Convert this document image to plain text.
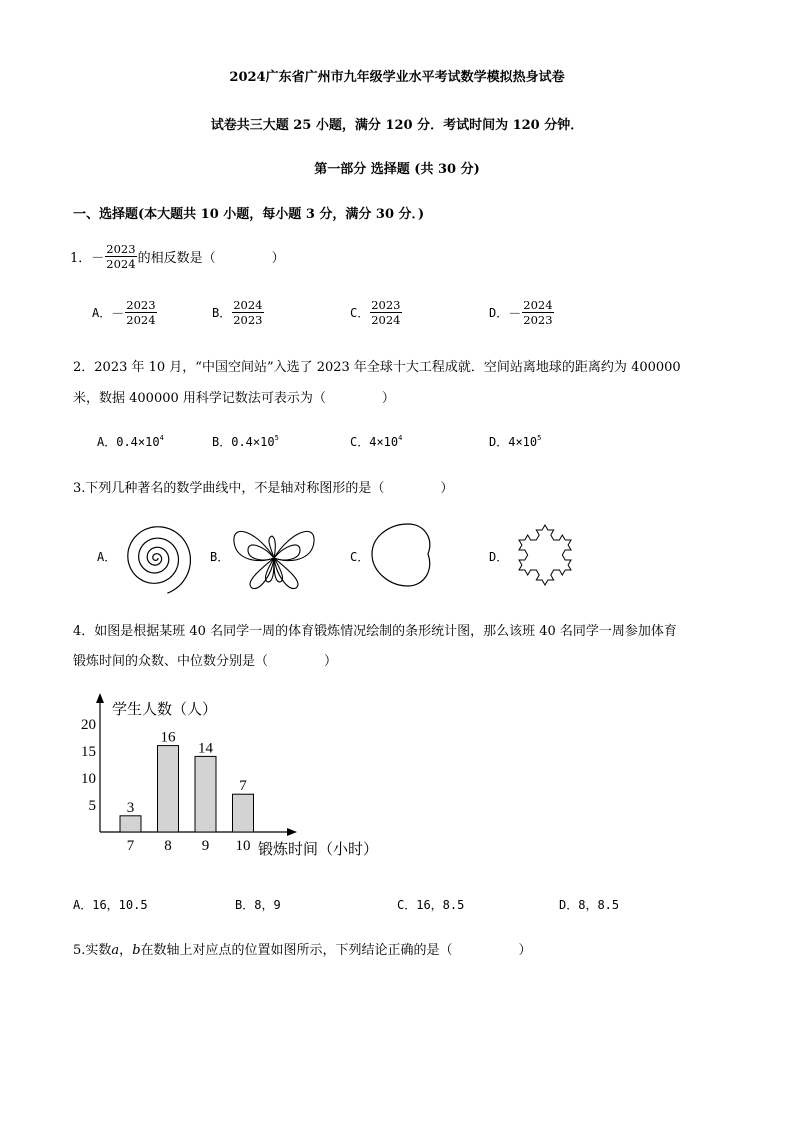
2024广东省广州市九年级学业水平考试数学模拟热身试卷
试卷共三大题 25 小题，满分 120 分．考试时间为 120 分钟．
第一部分 选择题 (共 30 分)
一、选择题(本大题共 10 小题，每小题 3 分，满分 30 分．)
1． － $\frac{2023}{2024}$ 的相反数是（	）
A． － $\frac{2023}{2024}$	B． $\frac{2024}{2023}$	C． $\frac{2023}{2024}$	D． － $\frac{2024}{2023}$
2．2023 年 10 月，“中国空间站”入选了 2023 年全球十大工程成就．空间站离地球的距离约为 400000
米，数据 400000 用科学记数法可表示为（	）
A．$0.4\times 10^4$	B．$0.4\times 10^5$	C．$4\times 10^4$	D．$4\times 10^5$
3.下列几种著名的数学曲线中，不是轴对称图形的是（	）
A．	B．	C．	D．
4．如图是根据某班 40 名同学一周的体育锻炼情况绘制的条形统计图，那么该班 40 名同学一周参加体育
锻炼时间的众数、中位数分别是（	）
学生人数（人）
锻炼时间（小时）
5
10
15
20
3
7
16
8
14
9
7
10
A．16，10.5	B．8，9	C．16，8.5	D．8，8.5
5.实数a，b在数轴上对应点的位置如图所示，下列结论正确的是（	）
